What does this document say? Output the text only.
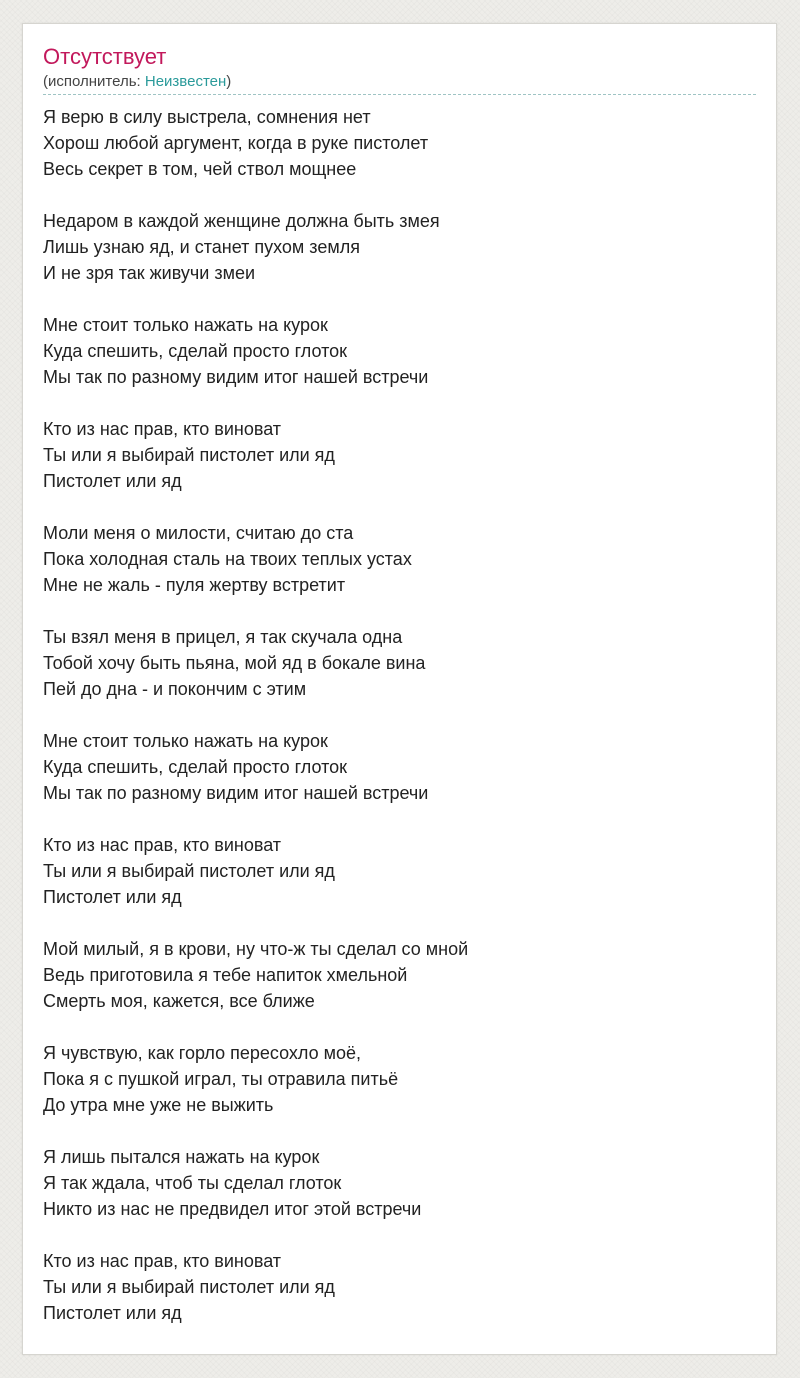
Отсутствует
(исполнитель: Неизвестен)
Я верю в силу выстрела, сомнения нет
Хорош любой аргумент, когда в руке пистолет
Весь секрет в том, чей ствол мощнее
Недаром в каждой женщине должна быть змея
Лишь узнаю яд, и станет пухом земля
И не зря так живучи змеи
Мне стоит только нажать на курок
Куда спешить, сделай просто глоток
Мы так по разному видим итог нашей встречи
Кто из нас прав, кто виноват
Ты или я выбирай пистолет или яд
Пистолет или яд
Моли меня о милости, считаю до ста
Пока холодная сталь на твоих теплых устах
Мне не жаль - пуля жертву встретит
Ты взял меня в прицел, я так скучала одна
Тобой хочу быть пьяна, мой яд в бокале вина
Пей до дна - и покончим с этим
Мне стоит только нажать на курок
Куда спешить, сделай просто глоток
Мы так по разному видим итог нашей встречи
Кто из нас прав, кто виноват
Ты или я выбирай пистолет или яд
Пистолет или яд
Мой милый, я в крови, ну что-ж ты сделал со мной
Ведь приготовила я тебе напиток хмельной
Смерть моя, кажется, все ближе
Я чувствую, как горло пересохло моё,
Пока я с пушкой играл, ты отравила питьё
До утра мне уже не выжить
Я лишь пытался нажать на курок
Я так ждала, чтоб ты сделал глоток
Никто из нас не предвидел итог этой встречи
Кто из нас прав, кто виноват
Ты или я выбирай пистолет или яд
Пистолет или яд
